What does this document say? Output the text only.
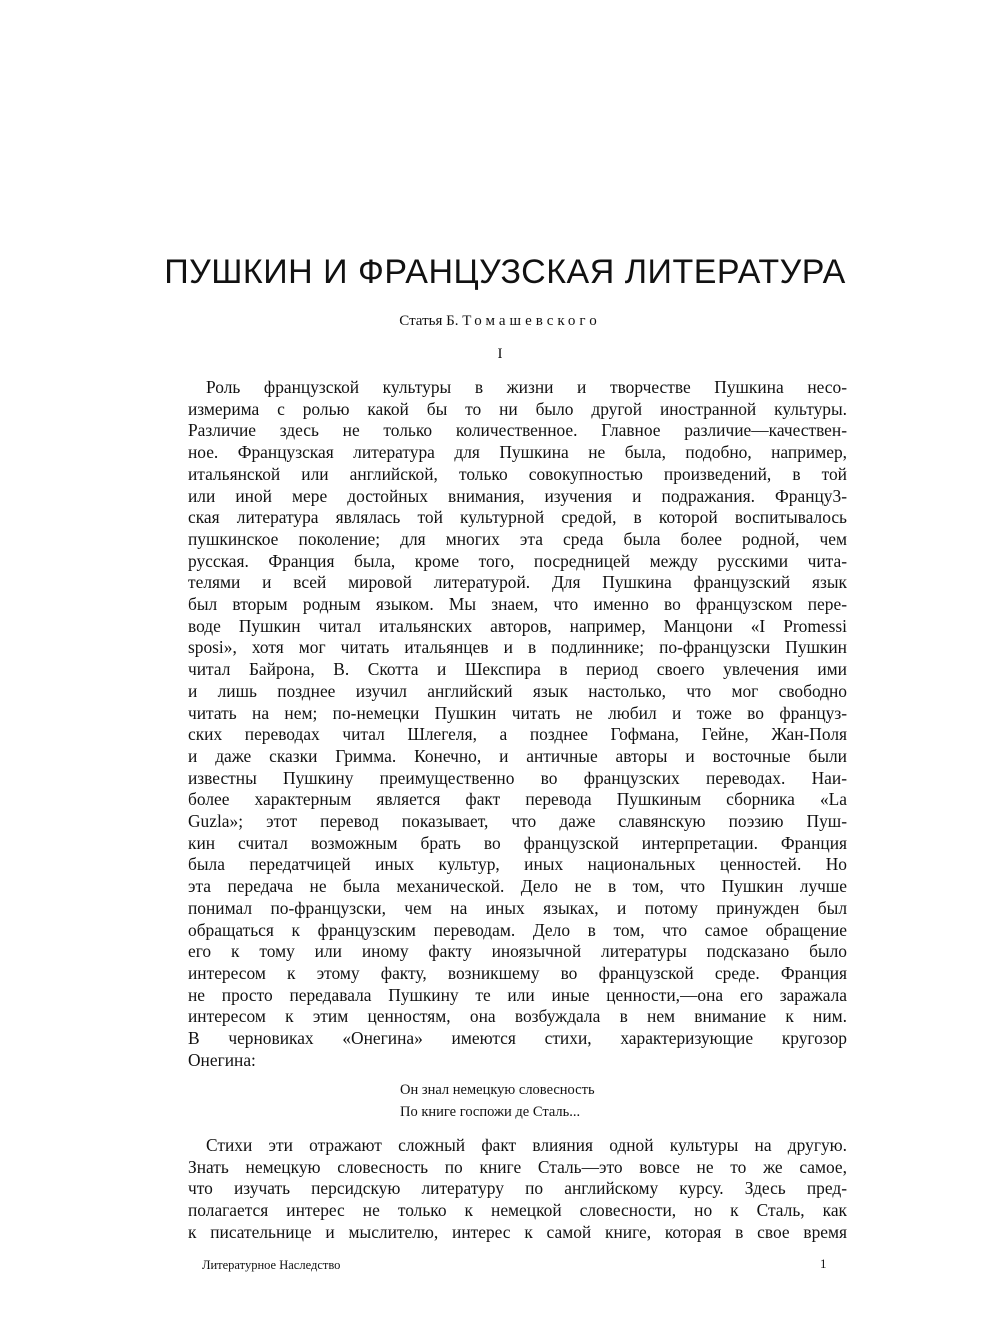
ПУШКИН И ФРАНЦУЗСКАЯ ЛИТЕРАТУРА
Статья Б. Томашевского
I
Роль французской культуры в жизни и творчестве Пушкина несо-
измерима с ролью какой бы то ни было другой иностранной культуры.
Различие здесь не только количественное. Главное различие—качествен-
ное. Французская литература для Пушкина не была, подобно, например,
итальянской или английской, только совокупностью произведений, в той
или иной мере достойных внимания, изучения и подражания. Францу3-
ская литература являлась той культурной средой, в которой воспитывалось
пушкинское поколение; для многих эта среда была более родной, чем
русская. Франция была, кроме того, посредницей между русскими чита-
телями и всей мировой литературой. Для Пушкина французский язык
был вторым родным языком. Мы знаем, что именно во французском пере-
воде Пушкин читал итальянских авторов, например, Манцони «I Promessi
sposi», хотя мог читать итальянцев и в подлиннике; по-французски Пушкин
читал Байрона, В. Скотта и Шекспира в период своего увлечения ими
и лишь позднее изучил английский язык настолько, что мог свободно
читать на нем; по-немецки Пушкин читать не любил и тоже во француз-
ских переводах читал Шлегеля, а позднее Гофмана, Гейне, Жан-Поля
и даже сказки Гримма. Конечно, и античные авторы и восточные были
известны Пушкину преимущественно во французских переводах. Наи-
более характерным является факт перевода Пушкиным сборника «La
Guzla»; этот перевод показывает, что даже славянскую поэзию Пуш-
кин считал возможным брать во французской интерпретации. Франция
была передатчицей иных культур, иных национальных ценностей. Но
эта передача не была механической. Дело не в том, что Пушкин лучше
понимал по-французски, чем на иных языках, и потому принужден был
обращаться к французским переводам. Дело в том, что самое обращение
его к тому или иному факту иноязычной литературы подсказано было
интересом к этому факту, возникшему во французской среде. Франция
не просто передавала Пушкину те или иные ценности,—она его заражала
интересом к этим ценностям, она возбуждала в нем внимание к ним.
В черновиках «Онегина» имеются стихи, характеризующие кругозор
Онегина:
Он знал немецкую словесность
По книге госпожи де Сталь...
Стихи эти отражают сложный факт влияния одной культуры на другую.
Знать немецкую словесность по книге Сталь—это вовсе не то же самое,
что изучать персидскую литературу по английскому курсу. Здесь пред-
полагается интерес не только к немецкой словесности, но к Сталь, как
к писательнице и мыслителю, интерес к самой книге, которая в свое время
Литературное Наследство	1
